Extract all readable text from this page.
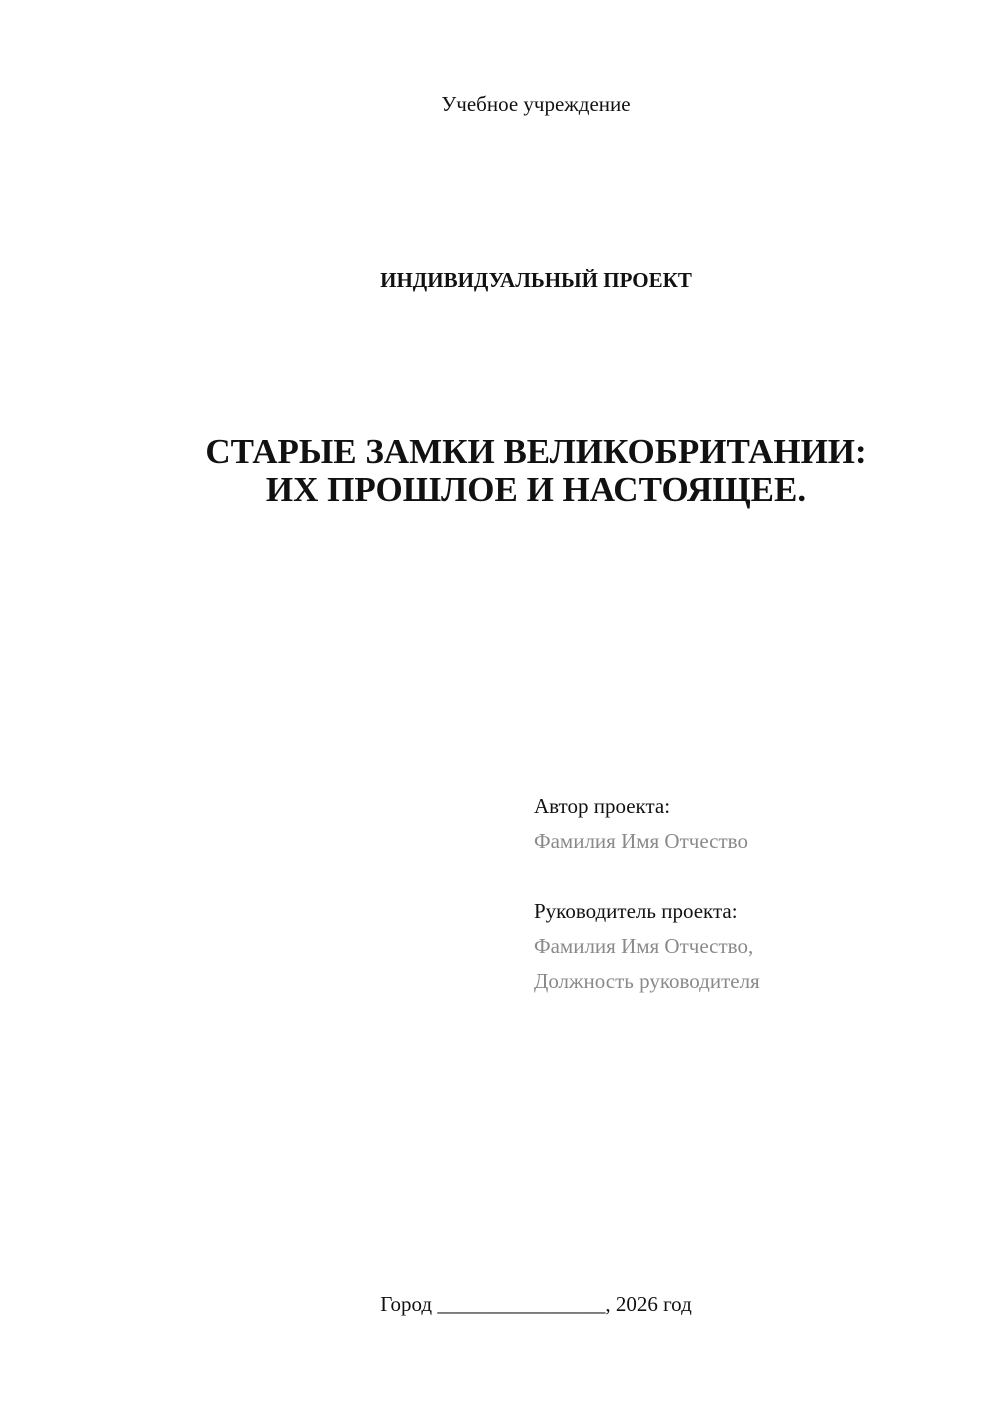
Учебное учреждение
ИНДИВИДУАЛЬНЫЙ ПРОЕКТ
СТАРЫЕ ЗАМКИ ВЕЛИКОБРИТАНИИ:
ИХ ПРОШЛОЕ И НАСТОЯЩЕЕ.
Автор проекта:
Фамилия Имя Отчество
Руководитель проекта:
Фамилия Имя Отчество,
Должность руководителя
Город ________________, 2026 год
